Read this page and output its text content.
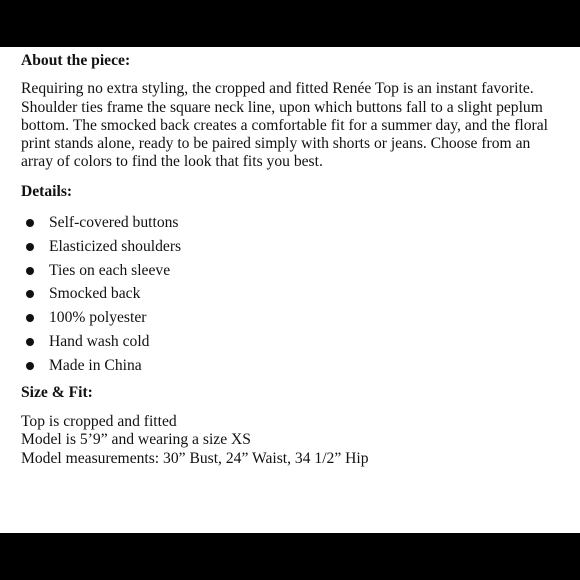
About the piece:

Requiring no extra styling, the cropped and fitted Renée Top is an instant favorite. Shoulder ties frame the square neck line, upon which buttons fall to a slight peplum bottom. The smocked back creates a comfortable fit for a summer day, and the floral print stands alone, ready to be paired simply with shorts or jeans. Choose from an array of colors to find the look that fits you best.

Details:

Self-covered buttons
Elasticized shoulders
Ties on each sleeve
Smocked back
100% polyester
Hand wash cold
Made in China

Size & Fit:

Top is cropped and fitted
Model is 5’9” and wearing a size XS
Model measurements: 30” Bust, 24” Waist, 34 1/2” Hip
